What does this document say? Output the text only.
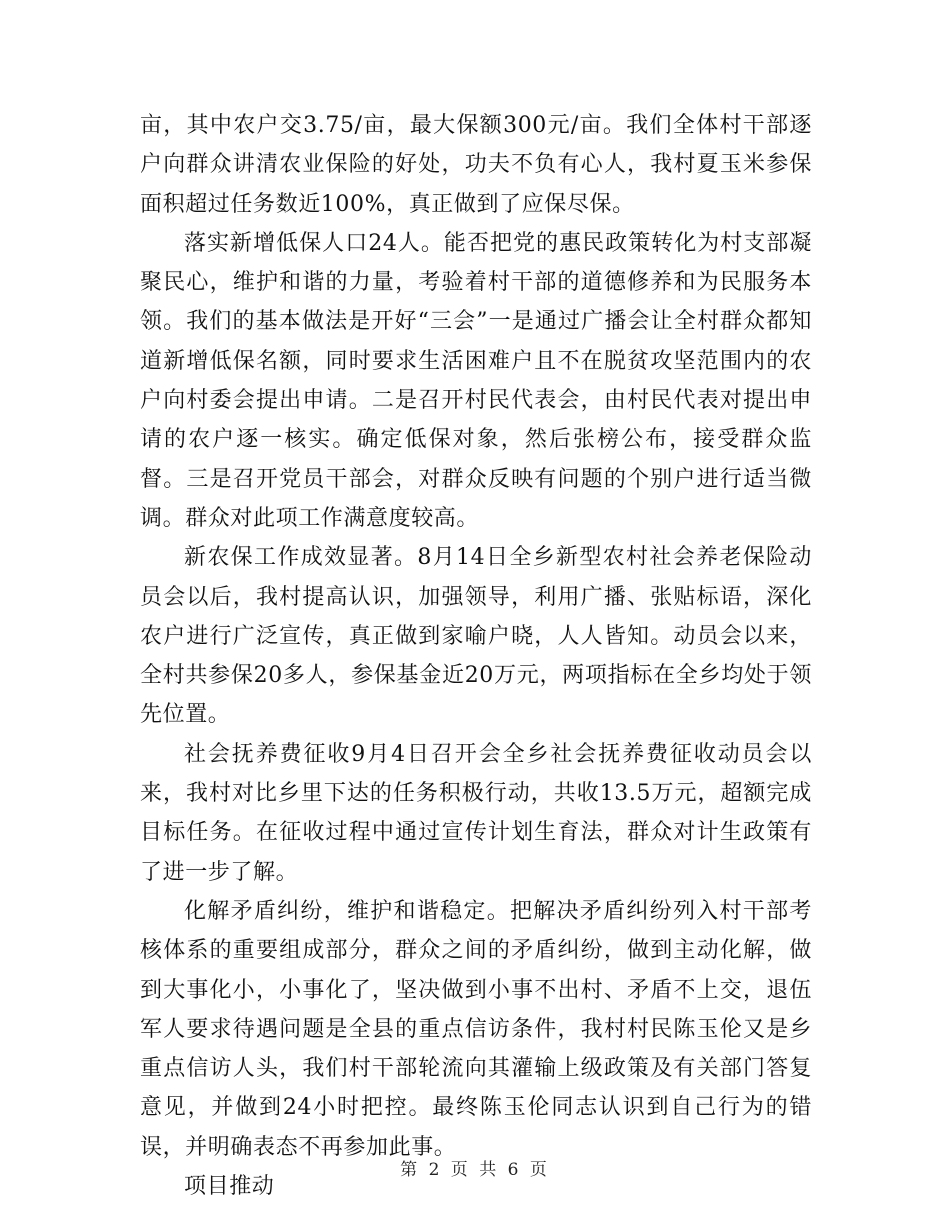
亩，其中农户交3.75/亩，最大保额300元/亩。我们全体村干部逐户向群众讲清农业保险的好处，功夫不负有心人，我村夏玉米参保面积超过任务数近100%，真正做到了应保尽保。

落实新增低保人口24人。能否把党的惠民政策转化为村支部凝聚民心，维护和谐的力量，考验着村干部的道德修养和为民服务本领。我们的基本做法是开好“三会”一是通过广播会让全村群众都知道新增低保名额，同时要求生活困难户且不在脱贫攻坚范围内的农户向村委会提出申请。二是召开村民代表会，由村民代表对提出申请的农户逐一核实。确定低保对象，然后张榜公布，接受群众监督。三是召开党员干部会，对群众反映有问题的个别户进行适当微调。群众对此项工作满意度较高。

新农保工作成效显著。8月14日全乡新型农村社会养老保险动员会以后，我村提高认识，加强领导，利用广播、张贴标语，深化农户进行广泛宣传，真正做到家喻户晓，人人皆知。动员会以来，全村共参保20多人，参保基金近20万元，两项指标在全乡均处于领先位置。

社会抚养费征收9月4日召开会全乡社会抚养费征收动员会以来，我村对比乡里下达的任务积极行动，共收13.5万元，超额完成目标任务。在征收过程中通过宣传计划生育法，群众对计生政策有了进一步了解。

化解矛盾纠纷，维护和谐稳定。把解决矛盾纠纷列入村干部考核体系的重要组成部分，群众之间的矛盾纠纷，做到主动化解，做到大事化小，小事化了，坚决做到小事不出村、矛盾不上交，退伍军人要求待遇问题是全县的重点信访条件，我村村民陈玉伦又是乡重点信访人头，我们村干部轮流向其灌输上级政策及有关部门答复意见，并做到24小时把控。最终陈玉伦同志认识到自己行为的错误，并明确表态不再参加此事。

项目推动

第 2 页 共 6 页
